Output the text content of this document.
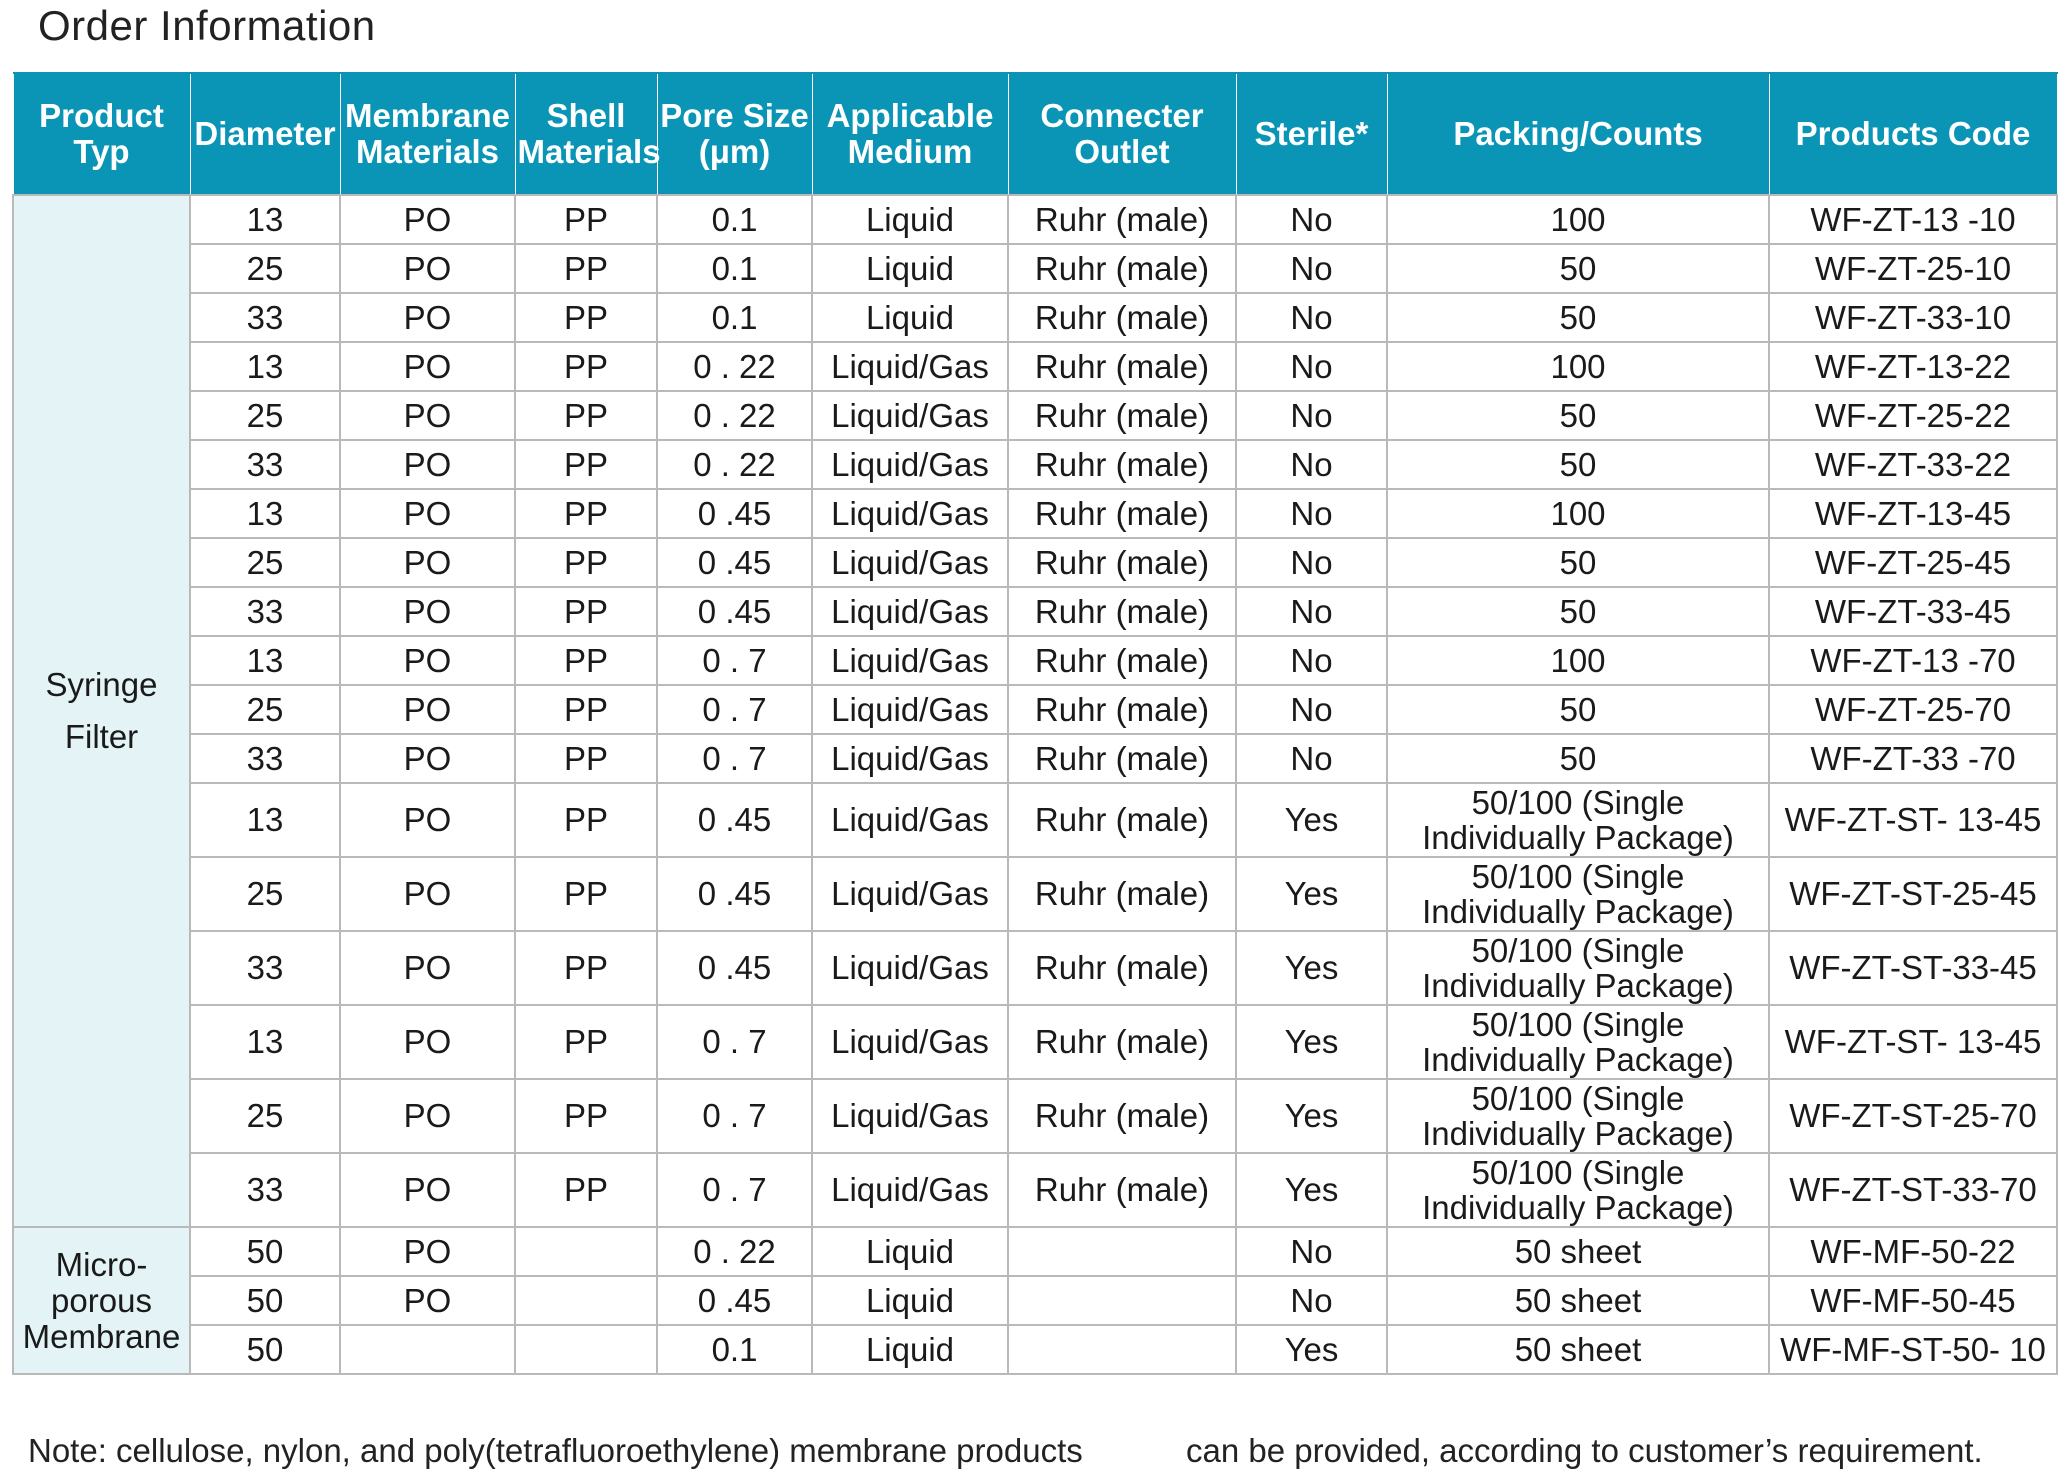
Order Information
Product Typ	Diameter	Membrane Materials	Shell Materials	Pore Size (μm)	Applicable Medium	Connecter Outlet	Sterile*	Packing/Counts	Products Code
Syringe Filter	13	PO	PP	0.1	Liquid	Ruhr (male)	No	100	WF-ZT-13 -10
	25	PO	PP	0.1	Liquid	Ruhr (male)	No	50	WF-ZT-25-10
	33	PO	PP	0.1	Liquid	Ruhr (male)	No	50	WF-ZT-33-10
	13	PO	PP	0 . 22	Liquid/Gas	Ruhr (male)	No	100	WF-ZT-13-22
	25	PO	PP	0 . 22	Liquid/Gas	Ruhr (male)	No	50	WF-ZT-25-22
	33	PO	PP	0 . 22	Liquid/Gas	Ruhr (male)	No	50	WF-ZT-33-22
	13	PO	PP	0 .45	Liquid/Gas	Ruhr (male)	No	100	WF-ZT-13-45
	25	PO	PP	0 .45	Liquid/Gas	Ruhr (male)	No	50	WF-ZT-25-45
	33	PO	PP	0 .45	Liquid/Gas	Ruhr (male)	No	50	WF-ZT-33-45
	13	PO	PP	0 . 7	Liquid/Gas	Ruhr (male)	No	100	WF-ZT-13 -70
	25	PO	PP	0 . 7	Liquid/Gas	Ruhr (male)	No	50	WF-ZT-25-70
	33	PO	PP	0 . 7	Liquid/Gas	Ruhr (male)	No	50	WF-ZT-33 -70
	13	PO	PP	0 .45	Liquid/Gas	Ruhr (male)	Yes	50/100 (Single Individually Package)	WF-ZT-ST- 13-45
	25	PO	PP	0 .45	Liquid/Gas	Ruhr (male)	Yes	50/100 (Single Individually Package)	WF-ZT-ST-25-45
	33	PO	PP	0 .45	Liquid/Gas	Ruhr (male)	Yes	50/100 (Single Individually Package)	WF-ZT-ST-33-45
	13	PO	PP	0 . 7	Liquid/Gas	Ruhr (male)	Yes	50/100 (Single Individually Package)	WF-ZT-ST- 13-45
	25	PO	PP	0 . 7	Liquid/Gas	Ruhr (male)	Yes	50/100 (Single Individually Package)	WF-ZT-ST-25-70
	33	PO	PP	0 . 7	Liquid/Gas	Ruhr (male)	Yes	50/100 (Single Individually Package)	WF-ZT-ST-33-70
Micro-porous Membrane	50	PO		0 . 22	Liquid		No	50 sheet	WF-MF-50-22
	50	PO		0 .45	Liquid		No	50 sheet	WF-MF-50-45
	50			0.1	Liquid		Yes	50 sheet	WF-MF-ST-50- 10
Note: cellulose, nylon, and poly(tetrafluoroethylene) membrane products	can be provided, according to customer’s requirement.
